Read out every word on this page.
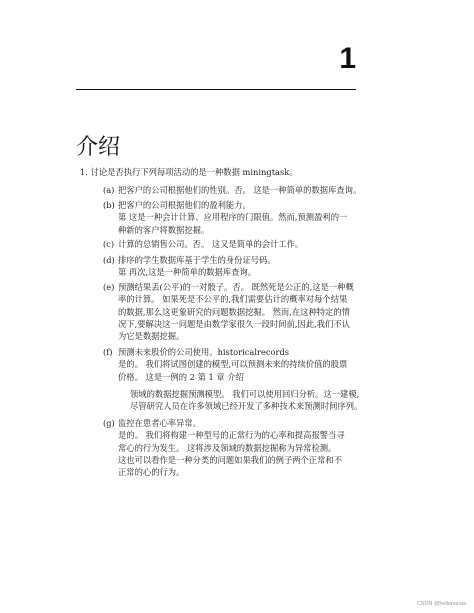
1
介绍
1. 讨论是否执行下列每项活动的是一种数据 miningtask。
(a) 把客户的公司根据他们的性别。否。 这是一种简单的数据库查询。
(b) 把客户的公司根据他们的盈利能力。
第 这是一种会计计算、应用程序的门限值。然而,预测盈利的一
种新的客户将数据挖掘。
(c) 计算的总销售公司。否。 这又是简单的会计工作。
(d) 排序的学生数据库基于学生的身份证号码。
第 再次,这是一种简单的数据库查询。
(e) 预测结果丢(公平)的一对骰子。否。 既然死是公正的,这是一种概
率的计算。 如果死是不公平的,我们需要估计的概率对每个结果
的数据,那么这更象研究的问题数据挖掘。 然而,在这种特定的情
况下,要解决这一问题是由数学家很久一段时间前,因此,我们不认
为它是数据挖掘。
(f) 预测未来股价的公司使用。historicalrecords
是的。 我们将试图创建的模型,可以预测未来的持续价值的股票
价格。 这是一例的 2 第 1 章 介绍
领域的数据挖掘预测模型。 我们可以使用回归分析。这一建模,
尽管研究人员在许多领域已经开发了多种技术来预测时间序列。
(g) 监控在患者心率异常。
是的。 我们将构建一种型号的正常行为的心率和提高报警当寻
常心的行为发生。 这将涉及领域的数据挖掘称为异常检测。
这也可以看作是一种分类的问题如果我们的例子两个正常和不
正常的心的行为。
CSDN @hellenorsia
